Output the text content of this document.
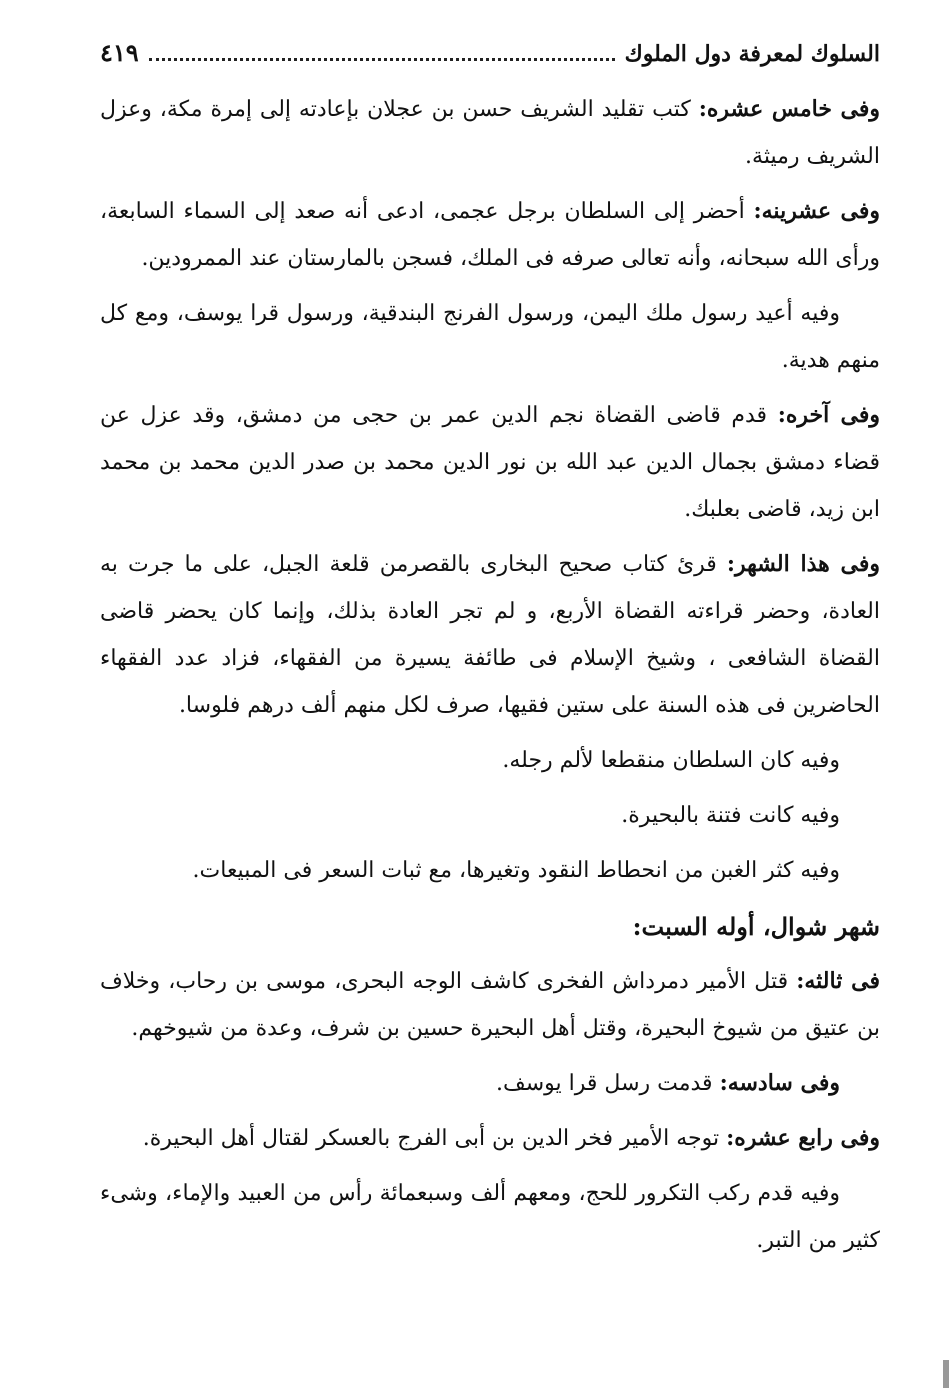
السلوك لمعرفة دول الملوك
٤١٩

وفى خامس عشره: كتب تقليد الشريف حسن بن عجلان بإعادته إلى إمرة مكة، وعزل الشريف رميثة.

وفى عشرينه: أحضر إلى السلطان برجل عجمى، ادعى أنه صعد إلى السماء السابعة، ورأى الله سبحانه، وأنه تعالى صرفه فى الملك، فسجن بالمارستان عند الممرودين.

وفيه أعيد رسول ملك اليمن، ورسول الفرنج البندقية، ورسول قرا يوسف، ومع كل منهم هدية.

وفى آخره: قدم قاضى القضاة نجم الدين عمر بن حجى من دمشق، وقد عزل عن قضاء دمشق بجمال الدين عبد الله بن نور الدين محمد بن صدر الدين محمد بن محمد ابن زيد، قاضى بعلبك.

وفى هذا الشهر: قرئ كتاب صحيح البخارى بالقصرمن قلعة الجبل، على ما جرت به العادة، وحضر قراءته القضاة الأربع، و لم تجر العادة بذلك، وإنما كان يحضر قاضى القضاة الشافعى ، وشيخ الإسلام فى طائفة يسيرة من الفقهاء، فزاد عدد الفقهاء الحاضرين فى هذه السنة على ستين فقيها، صرف لكل منهم ألف درهم فلوسا.

وفيه كان السلطان منقطعا لألم رجله.

وفيه كانت فتنة بالبحيرة.

وفيه كثر الغبن من انحطاط النقود وتغيرها، مع ثبات السعر فى المبيعات.

شهر شوال، أوله السبت:

فى ثالثه: قتل الأمير دمرداش الفخرى كاشف الوجه البحرى، موسى بن رحاب، وخلاف بن عتيق من شيوخ البحيرة، وقتل أهل البحيرة حسين بن شرف، وعدة من شيوخهم.

وفى سادسه: قدمت رسل قرا يوسف.

وفى رابع عشره: توجه الأمير فخر الدين بن أبى الفرج بالعسكر لقتال أهل البحيرة.

وفيه قدم ركب التكرور للحج، ومعهم ألف وسبعمائة رأس من العبيد والإماء، وشىء كثير من التبر.
